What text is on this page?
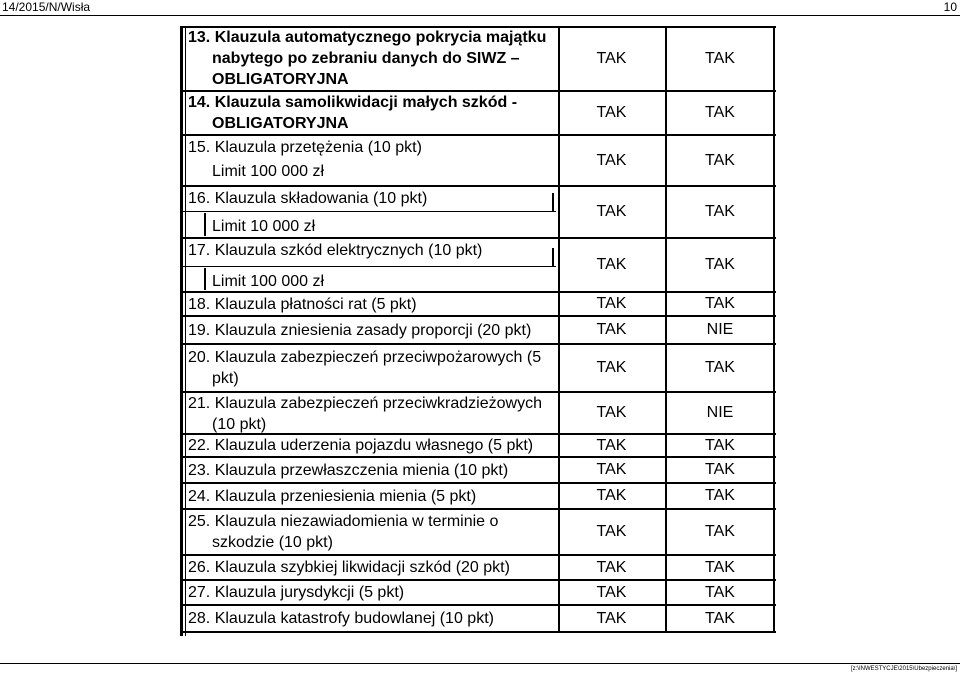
14/2015/N/Wisła	10
13. Klauzula automatycznego pokrycia majątku
nabytego po zebraniu danych do SIWZ –
OBLIGATORYJNA
TAK	TAK
14. Klauzula samolikwidacji małych szkód -
OBLIGATORYJNA
TAK	TAK
15. Klauzula przetężenia (10 pkt)
Limit 100 000 zł
TAK	TAK
16. Klauzula składowania (10 pkt)
Limit 10 000 zł
TAK	TAK
17. Klauzula szkód elektrycznych (10 pkt)
Limit 100 000 zł
TAK	TAK
18. Klauzula płatności rat (5 pkt)	TAK	TAK
19. Klauzula zniesienia zasady proporcji (20 pkt)	TAK	NIE
20. Klauzula zabezpieczeń przeciwpożarowych (5
pkt)
TAK	TAK
21. Klauzula zabezpieczeń przeciwkradzieżowych
(10 pkt)
TAK	NIE
22. Klauzula uderzenia pojazdu własnego (5 pkt)	TAK	TAK
23. Klauzula przewłaszczenia mienia (10 pkt)	TAK	TAK
24. Klauzula przeniesienia mienia (5 pkt)	TAK	TAK
25. Klauzula niezawiadomienia w terminie o
szkodzie (10 pkt)
TAK	TAK
26. Klauzula szybkiej likwidacji szkód (20 pkt)	TAK	TAK
27. Klauzula jurysdykcji (5 pkt)	TAK	TAK
28. Klauzula katastrofy budowlanej (10 pkt)	TAK	TAK
[z:\INWESTYCJE\2015\Ubezpieczenia\]
